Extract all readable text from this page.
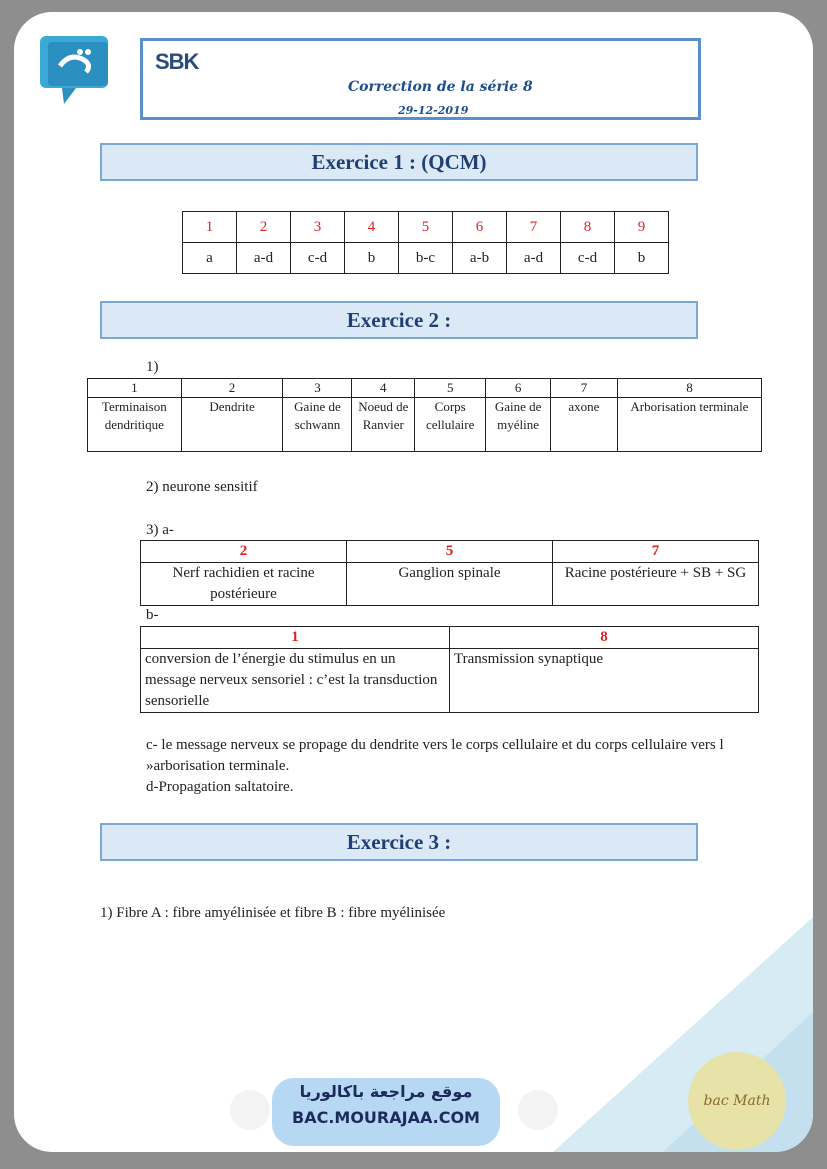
SBK
Correction de la série 8
29-12-2019
Exercice 1 : (QCM)
1	2	3	4	5	6	7	8	9
a	a-d	c-d	b	b-c	a-b	a-d	c-d	b
Exercice 2 :
1)
1	2	3	4	5	6	7	8
Terminaison dendritique	Dendrite	Gaine de schwann	Noeud de Ranvier	Corps cellulaire	Gaine de myéline	axone	Arborisation terminale
2) neurone sensitif
3) a-
2	5	7
Nerf rachidien et racine postérieure	Ganglion spinale	Racine postérieure + SB + SG
b-
1	8
conversion de l’énergie du stimulus en un message nerveux sensoriel : c’est la transduction sensorielle	Transmission synaptique
c- le message nerveux se propage du dendrite vers le corps cellulaire et du corps cellulaire vers l »arborisation terminale.
d-Propagation saltatoire.
Exercice 3 :
1) Fibre A : fibre amyélinisée et fibre B : fibre myélinisée
موقع مراجعة باكالوريا
BAC.MOURAJAA.COM
bac Math
